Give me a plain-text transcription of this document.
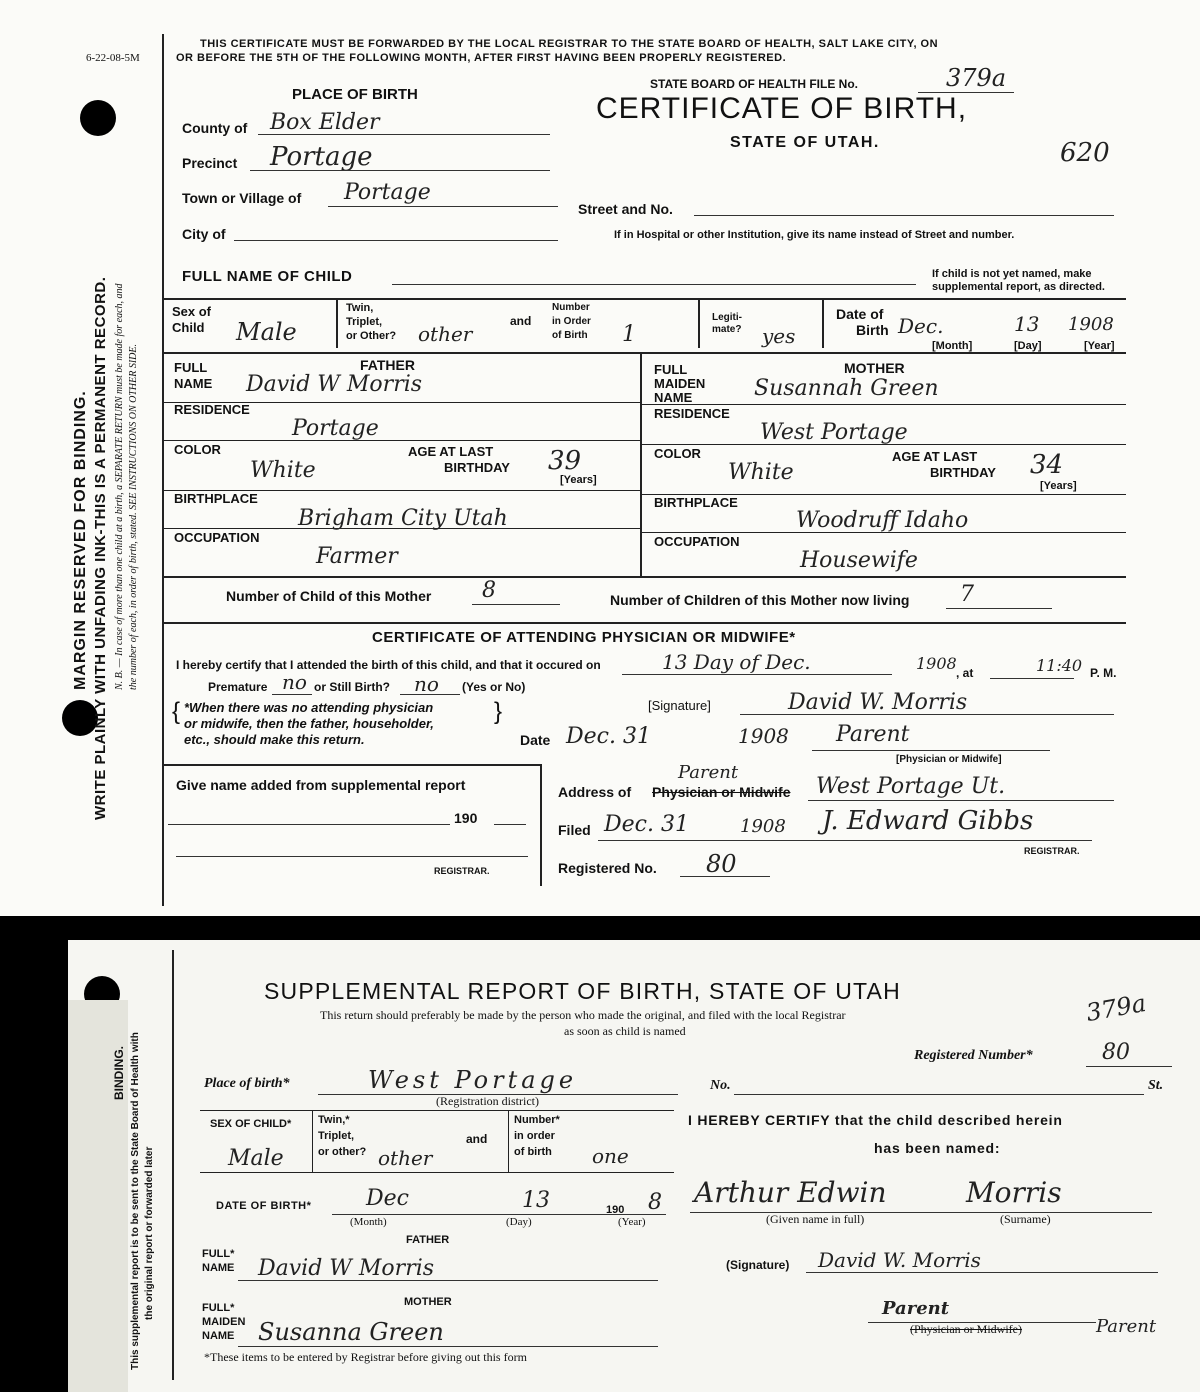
6-22-08-5M
MARGIN RESERVED FOR BINDING. WRITE PLAINLY WITH UNFADING INK-THIS IS A PERMANENT RECORD. N. B. — In case of more than one child at a birth, a SEPARATE RETURN must be made for each, and the number of each, in order of birth, stated. SEE INSTRUCTIONS ON OTHER SIDE.
THIS CERTIFICATE MUST BE FORWARDED BY THE LOCAL REGISTRAR TO THE STATE BOARD OF HEALTH, SALT LAKE CITY, ON
OR BEFORE THE 5TH OF THE FOLLOWING MONTH, AFTER FIRST HAVING BEEN PROPERLY REGISTERED.
STATE BOARD OF HEALTH FILE No.	379a
CERTIFICATE OF BIRTH,
STATE OF UTAH.	620
PLACE OF BIRTH
County of Box Elder
Precinct Portage
Town or Village of Portage
City of
Street and No.
If in Hospital or other Institution, give its name instead of Street and number.
FULL NAME OF CHILD	If child is not yet named, make
supplemental report, as directed.
Sex of
Child Male
Twin,
Triplet,
or Other? other
and
Number
in Order
of Birth 1
Legiti-
mate? yes
Date of
Birth Dec.	13 1908
[Month]	[Day]	[Year]
FATHER	MOTHER
FULL
NAME David W Morris
FULL
MAIDEN
NAME	Susannah Green
RESIDENCE
Portage
RESIDENCE
West Portage
COLOR
White
AGE AT LAST
BIRTHDAY 39
[Years]
COLOR
White
AGE AT LAST
BIRTHDAY 34
[Years]
BIRTHPLACE
Brigham City Utah
BIRTHPLACE
Woodruff Idaho
OCCUPATION
Farmer
OCCUPATION
Housewife
Number of Child of this Mother 8	Number of Children of this Mother now living 7
CERTIFICATE OF ATTENDING PHYSICIAN OR MIDWIFE*
I hereby certify that I attended the birth of this child, and that it occured on	13 Day of Dec.	1908 , at	11:40 P. M.
Premature no or Still Birth? no (Yes or No)
{ *When there was no attending physician
or midwife, then the father, householder,
etc., should make this return.
}	[Signature]	David W. Morris
Date Dec. 31	1908 Parent
[Physician or Midwife]
Give name added from supplemental report
190
REGISTRAR.
Address of Physician or Midwife
Parent
West Portage Ut.
Filed Dec. 31	1908 J. Edward Gibbs
REGISTRAR.
Registered No. 80
This supplemental report is to be sent to the State Board of Health with the original report or forwarded later
BINDING.
SUPPLEMENTAL REPORT OF BIRTH, STATE OF UTAH
This return should preferably be made by the person who made the original, and filed with the local Registrar
as soon as child is named
379a
Registered Number*	80
Place of birth*	West Portage
(Registration district)
No.	St.
SEX OF CHILD*
Male
Twin,*
Triplet,
or other? other
and
Number*
in order
of birth one
DATE OF BIRTH* Dec	13	190 8
(Month)	(Day)	(Year)
FATHER
FULL*
NAME David W Morris
MOTHER
FULL*
MAIDEN
NAME Susanna Green
*These items to be entered by Registrar before giving out this form
I HEREBY CERTIFY that the child described herein
has been named:
Arthur Edwin	Morris
(Given name in full)	(Surname)
(Signature) David W. Morris
Parent
(Physician or Midwife)	Parent
